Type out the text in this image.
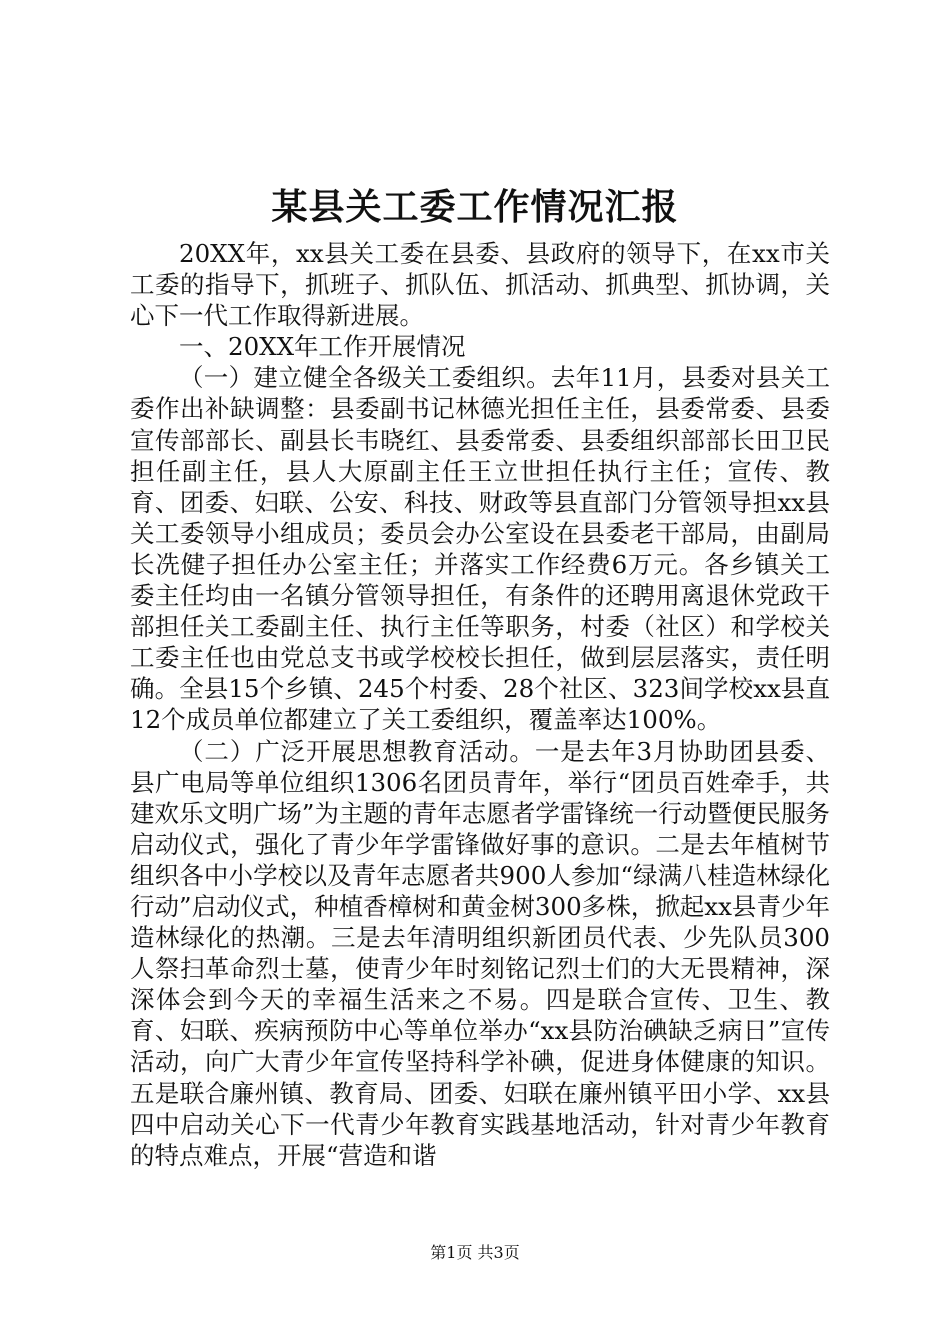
某县关工委工作情况汇报

20XX年，xx县关工委在县委、县政府的领导下，在xx市关工委的指导下，抓班子、抓队伍、抓活动、抓典型、抓协调，关心下一代工作取得新进展。

一、20XX年工作开展情况

（一）建立健全各级关工委组织。去年11月，县委对县关工委作出补缺调整：县委副书记林德光担任主任，县委常委、县委宣传部部长、副县长韦晓红、县委常委、县委组织部部长田卫民担任副主任，县人大原副主任王立世担任执行主任；宣传、教育、团委、妇联、公安、科技、财政等县直部门分管领导担xx县关工委领导小组成员；委员会办公室设在县委老干部局，由副局长冼健子担任办公室主任；并落实工作经费6万元。各乡镇关工委主任均由一名镇分管领导担任，有条件的还聘用离退休党政干部担任关工委副主任、执行主任等职务，村委（社区）和学校关工委主任也由党总支书或学校校长担任，做到层层落实，责任明确。全县15个乡镇、245个村委、28个社区、323间学校xx县直12个成员单位都建立了关工委组织，覆盖率达100%。

（二）广泛开展思想教育活动。一是去年3月协助团县委、县广电局等单位组织1306名团员青年，举行“团员百姓牵手，共建欢乐文明广场”为主题的青年志愿者学雷锋统一行动暨便民服务启动仪式，强化了青少年学雷锋做好事的意识。二是去年植树节组织各中小学校以及青年志愿者共900人参加“绿满八桂造林绿化行动”启动仪式，种植香樟树和黄金树300多株，掀起xx县青少年造林绿化的热潮。三是去年清明组织新团员代表、少先队员300人祭扫革命烈士墓，使青少年时刻铭记烈士们的大无畏精神，深深体会到今天的幸福生活来之不易。四是联合宣传、卫生、教育、妇联、疾病预防中心等单位举办“xx县防治碘缺乏病日”宣传活动，向广大青少年宣传坚持科学补碘，促进身体健康的知识。五是联合廉州镇、教育局、团委、妇联在廉州镇平田小学、xx县四中启动关心下一代青少年教育实践基地活动，针对青少年教育的特点难点，开展“营造和谐

第1页 共3页
